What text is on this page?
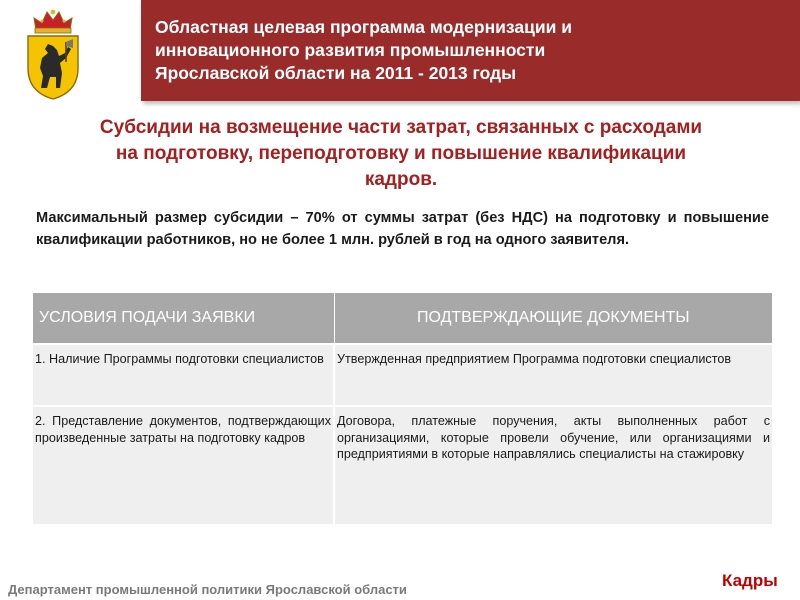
Областная целевая программа модернизации и
инновационного развития промышленности
Ярославской области на 2011 - 2013 годы
Субсидии на возмещение части затрат, связанных с расходами
на подготовку, переподготовку и повышение квалификации
кадров.
Максимальный размер субсидии – 70% от суммы затрат (без НДС) на подготовку и повышение квалификации работников, но не более 1 млн. рублей в год на одного заявителя.
УСЛОВИЯ ПОДАЧИ ЗАЯВКИ	ПОДТВЕРЖДАЮЩИЕ ДОКУМЕНТЫ
1. Наличие Программы подготовки специалистов	Утвержденная предприятием Программа подготовки специалистов
2. Представление документов, подтверждающих произведенные затраты на подготовку кадров	Договора, платежные поручения, акты выполненных работ с организациями, которые провели обучение, или организациями и предприятиями в которые направлялись специалисты на стажировку
Департамент промышленной политики Ярославской области	Кадры
